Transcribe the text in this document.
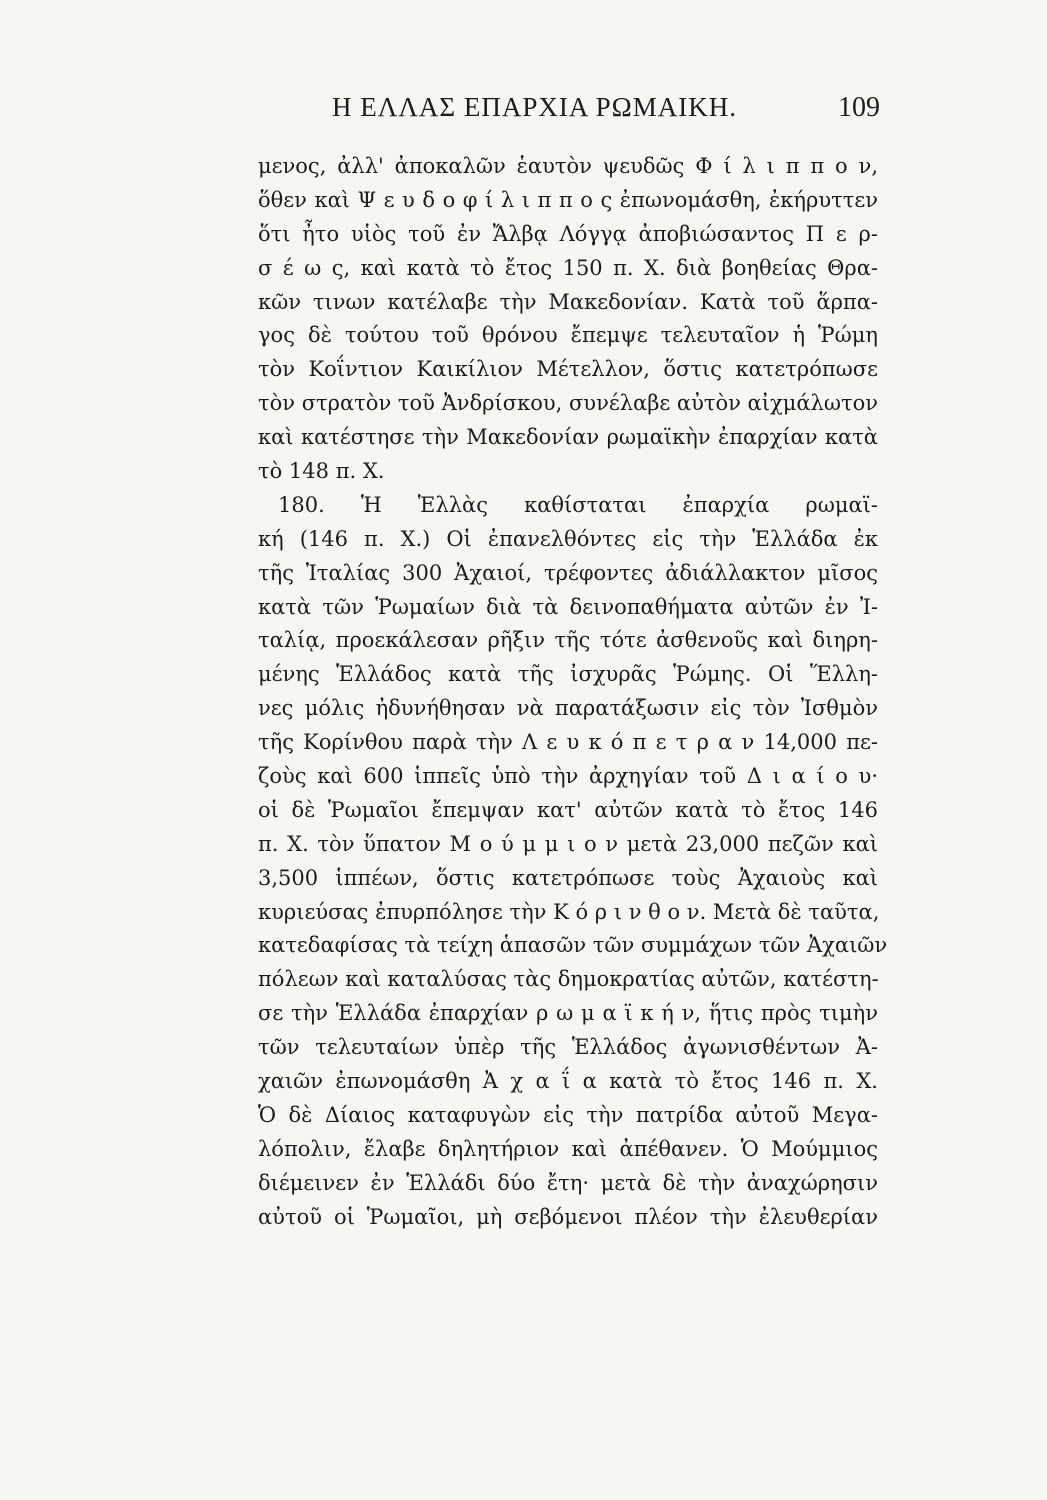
Η ΕΛΛΑΣ ΕΠΑΡΧΙΑ ΡΩΜΑΙΚΗ.	109
μενος, ἀλλ' ἀποκαλῶν ἑαυτὸν ψευδῶς Φ ί λ ι π π ο ν,
ὅθεν καὶ Ψ ε υ δ ο φ ί λ ι π π ο ς ἐπωνομάσθη, ἐκήρυττεν
ὅτι ἦτο υἱὸς τοῦ ἐν Ἄλβᾳ Λόγγᾳ ἀποβιώσαντος Π ε ρ-
σ έ ω ς, καὶ κατὰ τὸ ἔτος 150 π. Χ. διὰ βοηθείας Θρα-
κῶν τινων κατέλαβε τὴν Μακεδονίαν. Κατὰ τοῦ ἅρπα-
γος δὲ τούτου τοῦ θρόνου ἔπεμψε τελευταῖον ἡ Ῥώμη
τὸν Κοΐντιον Καικίλιον Μέτελλον, ὅστις κατετρόπωσε
τὸν στρατὸν τοῦ Ἀνδρίσκου, συνέλαβε αὐτὸν αἰχμάλωτον
καὶ κατέστησε τὴν Μακεδονίαν ρωμαϊκὴν ἐπαρχίαν κατὰ
τὸ 148 π. Χ.
180. Ἡ Ἑλλὰς καθίσταται ἐπαρχία ρωμαϊ-
κή (146 π. Χ.) Οἱ ἐπανελθόντες εἰς τὴν Ἑλλάδα ἐκ
τῆς Ἰταλίας 300 Ἀχαιοί, τρέφοντες ἀδιάλλακτον μῖσος
κατὰ τῶν Ῥωμαίων διὰ τὰ δεινοπαθήματα αὐτῶν ἐν Ἰ-
ταλίᾳ, προεκάλεσαν ρῆξιν τῆς τότε ἀσθενοῦς καὶ διηρη-
μένης Ἑλλάδος κατὰ τῆς ἰσχυρᾶς Ῥώμης. Οἱ Ἕλλη-
νες μόλις ἠδυνήθησαν νὰ παρατάξωσιν εἰς τὸν Ἰσθμὸν
τῆς Κορίνθου παρὰ τὴν Λ ε υ κ ό π ε τ ρ α ν 14,000 πε-
ζοὺς καὶ 600 ἱππεῖς ὑπὸ τὴν ἀρχηγίαν τοῦ Δ ι α ί ο υ·
οἱ δὲ Ῥωμαῖοι ἔπεμψαν κατ' αὐτῶν κατὰ τὸ ἔτος 146
π. Χ. τὸν ὕπατον Μ ο ύ μ μ ι ο ν μετὰ 23,000 πεζῶν καὶ
3,500 ἱππέων, ὅστις κατετρόπωσε τοὺς Ἀχαιοὺς καὶ
κυριεύσας ἐπυρπόλησε τὴν Κ ό ρ ι ν θ ο ν. Μετὰ δὲ ταῦτα,
κατεδαφίσας τὰ τείχη ἁπασῶν τῶν συμμάχων τῶν Ἀχαιῶν
πόλεων καὶ καταλύσας τὰς δημοκρατίας αὐτῶν, κατέστη-
σε τὴν Ἑλλάδα ἐπαρχίαν ρ ω μ α ϊ κ ή ν, ἥτις πρὸς τιμὴν
τῶν τελευταίων ὑπὲρ τῆς Ἑλλάδος ἀγωνισθέντων Ἀ-
χαιῶν ἐπωνομάσθη Ἀ χ α ΐ α κατὰ τὸ ἔτος 146 π. Χ.
Ὁ δὲ Δίαιος καταφυγὼν εἰς τὴν πατρίδα αὐτοῦ Μεγα-
λόπολιν, ἔλαβε δηλητήριον καὶ ἀπέθανεν. Ὁ Μούμμιος
διέμεινεν ἐν Ἑλλάδι δύο ἔτη· μετὰ δὲ τὴν ἀναχώρησιν
αὐτοῦ οἱ Ῥωμαῖοι, μὴ σεβόμενοι πλέον τὴν ἐλευθερίαν
